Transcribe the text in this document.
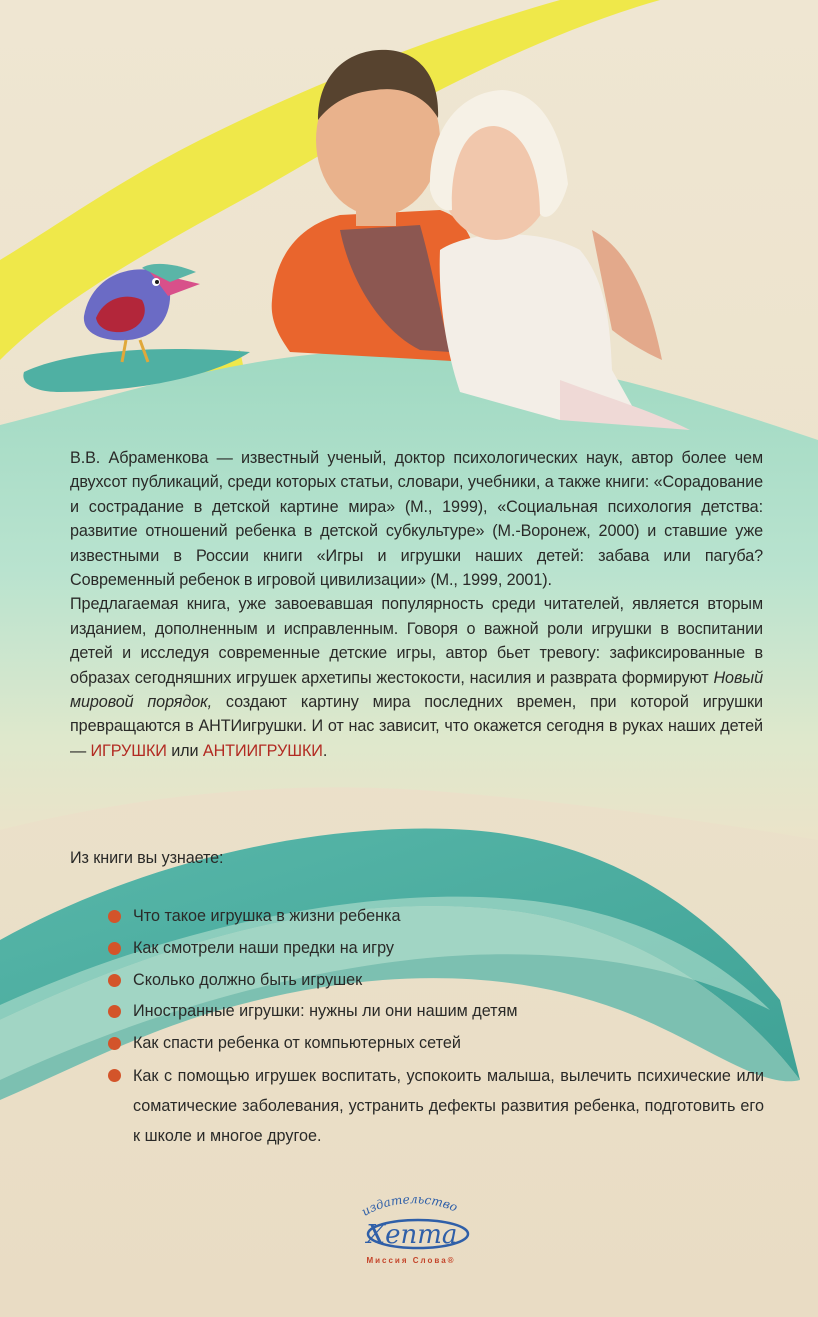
В.В. Абраменкова — известный ученый, доктор психологических наук, автор более чем двухсот публикаций, среди которых статьи, словари, учебники, а также книги: «Сорадование и сострадание в детской картине мира» (М., 1999), «Социальная психология детства: развитие отношений ребенка в детской субкультуре» (М.-Воронеж, 2000) и ставшие уже известными в России книги «Игры и игрушки наших детей: забава или пагуба? Современный ребенок в игровой цивилизации» (М., 1999, 2001).

Предлагаемая книга, уже завоевавшая популярность среди читателей, является вторым изданием, дополненным и исправленным. Говоря о важной роли игрушки в воспитании детей и исследуя современные детские игры, автор бьет тревогу: зафиксированные в образах сегодняшних игрушек архетипы жестокости, насилия и разврата формируют Новый мировой порядок, создают картину мира последних времен, при которой игрушки превращаются в АНТИигрушки. И от нас зависит, что окажется сегодня в руках наших детей — ИГРУШКИ или АНТИИГРУШКИ.

Из книги вы узнаете:

Что такое игрушка в жизни ребенка
Как смотрели наши предки на игру
Сколько должно быть игрушек
Иностранные игрушки: нужны ли они нашим детям
Как спасти ребенка от компьютерных сетей
Как с помощью игрушек воспитать, успокоить малыша, вылечить психические или соматические заболевания, устранить дефекты развития ребенка, подготовить его к школе и многое другое.
издательство
Хепта
Миссия Слова®
